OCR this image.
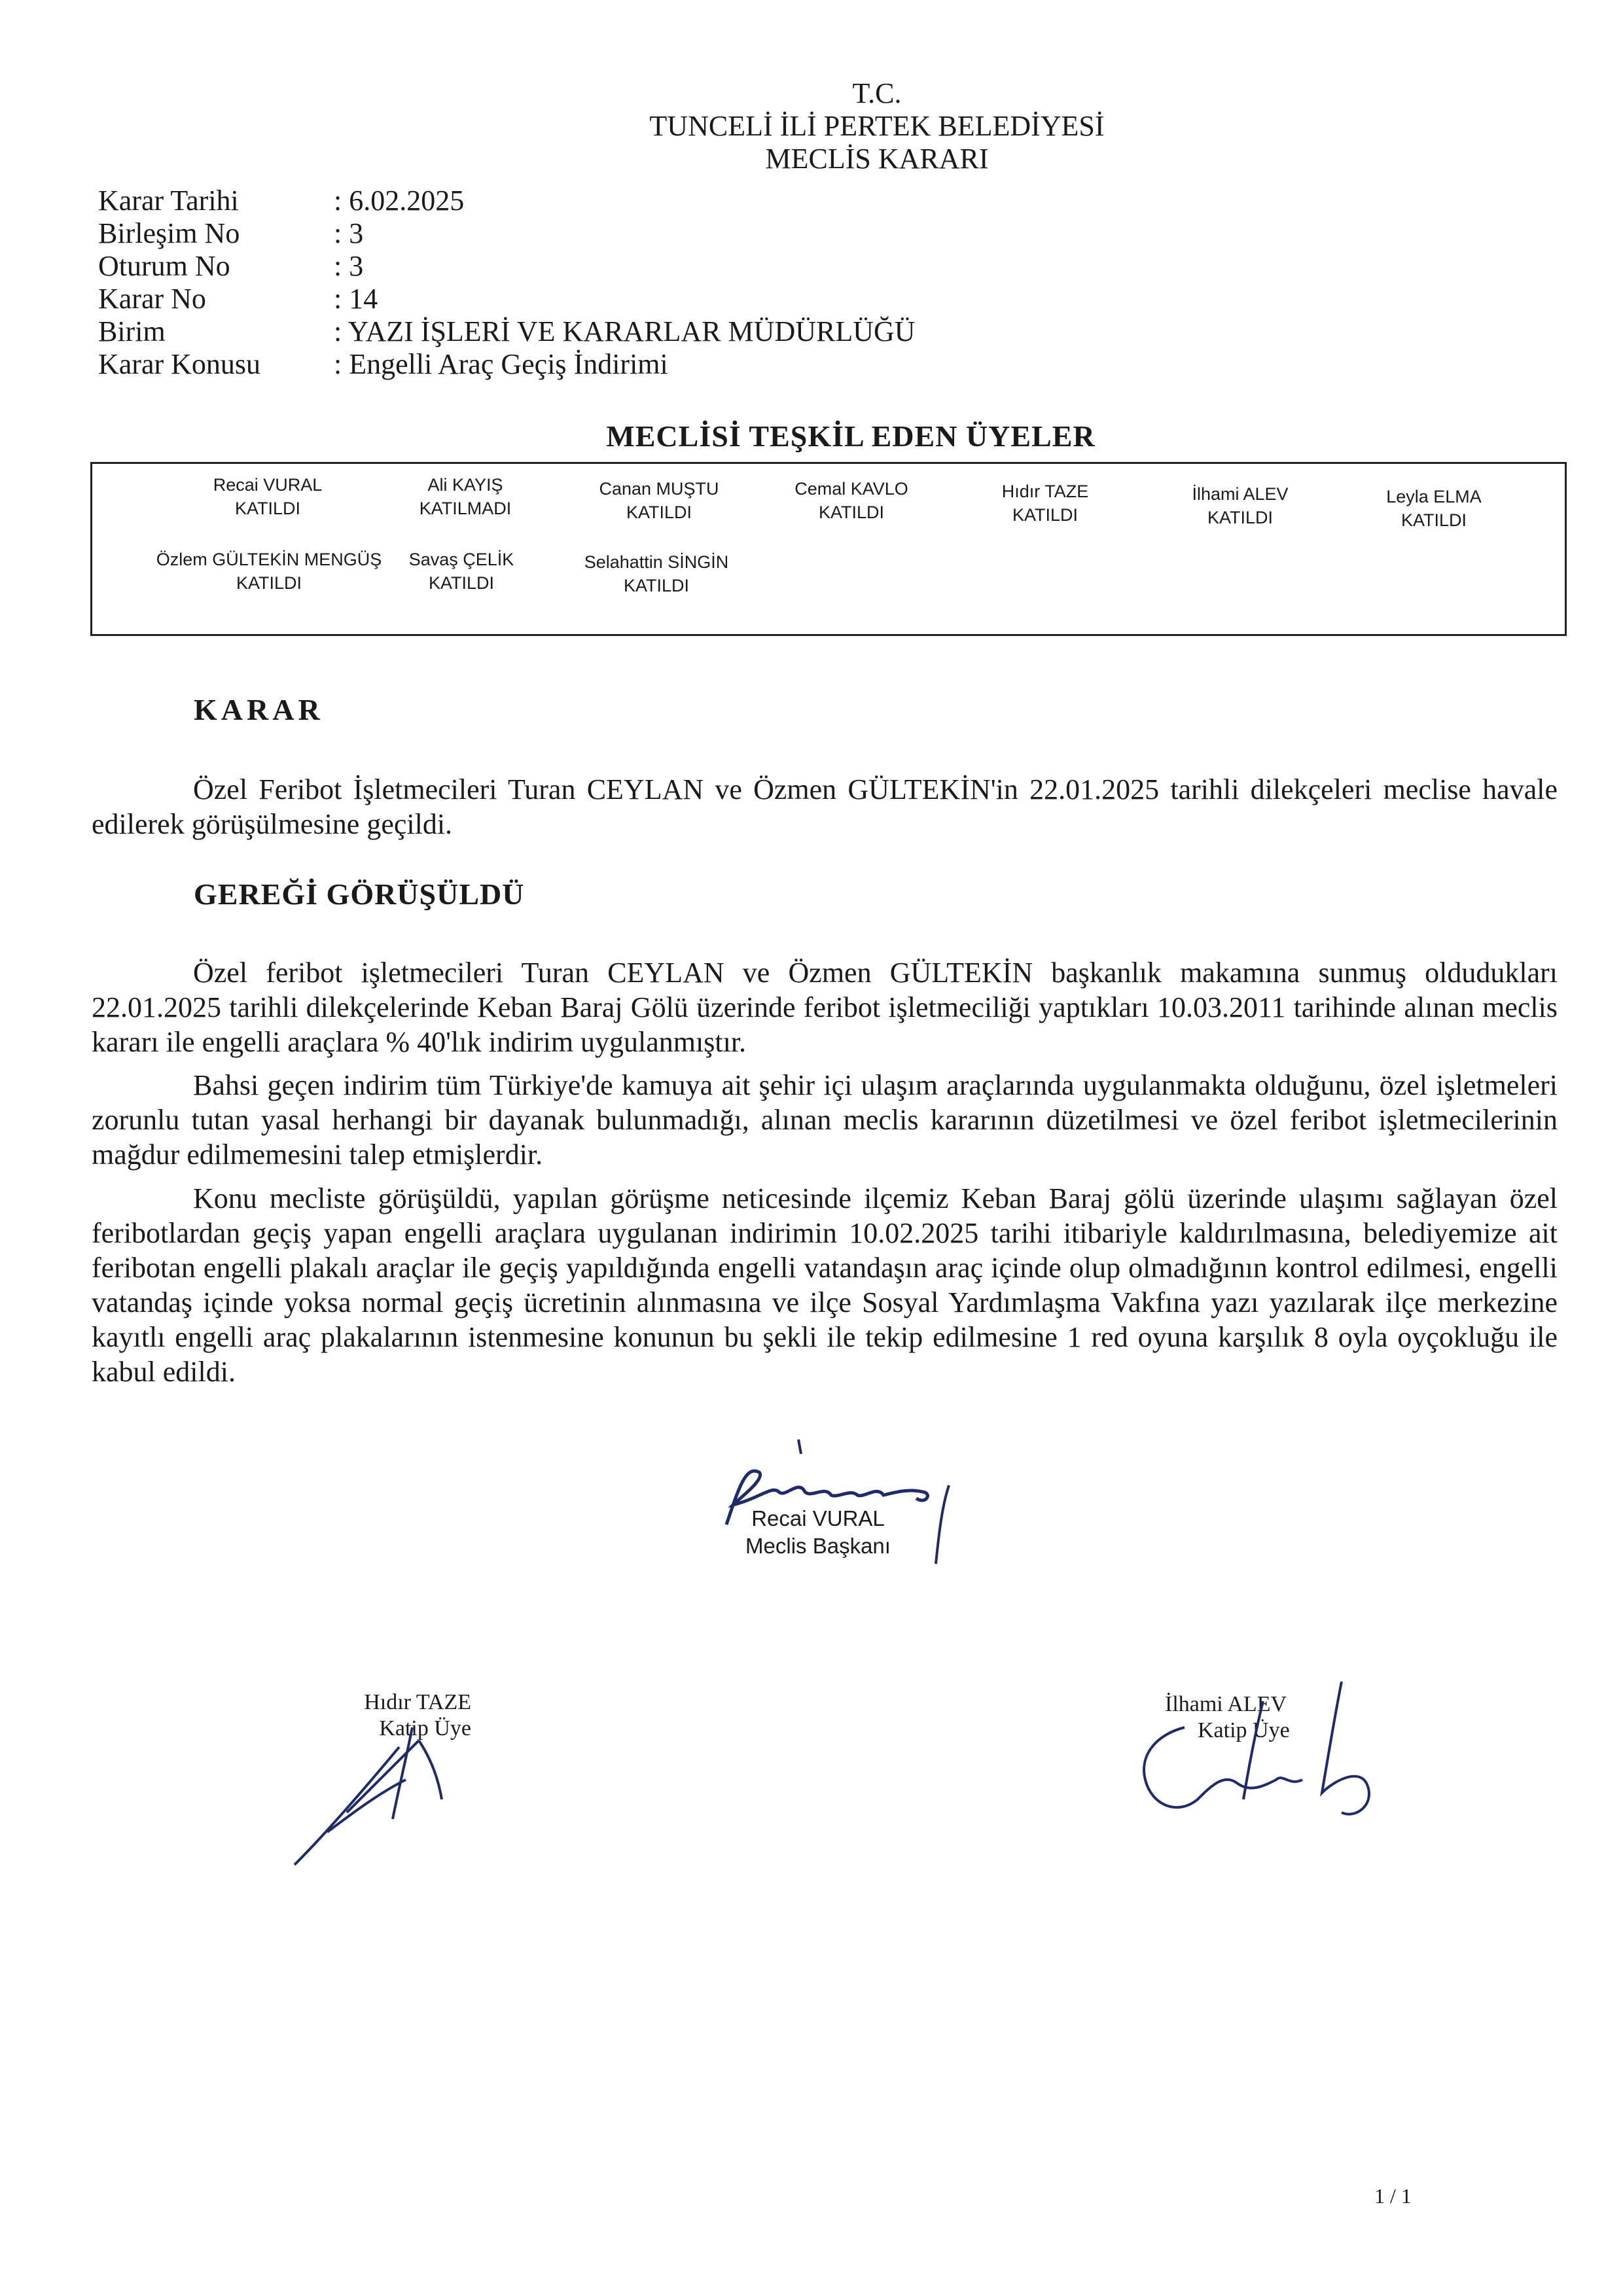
T.C.
TUNCELİ İLİ PERTEK BELEDİYESİ
MECLİS KARARI
Karar Tarihi	: 6.02.2025
Birleşim No	: 3
Oturum No	: 3
Karar No	: 14
Birim	: YAZI İŞLERİ VE KARARLAR MÜDÜRLÜĞÜ
Karar Konusu	: Engelli Araç Geçiş İndirimi
MECLİSİ TEŞKİL EDEN ÜYELER
Recai VURAL
KATILDI
Ali KAYIŞ
KATILMADI
Canan MUŞTU
KATILDI
Cemal KAVLO
KATILDI
Hıdır TAZE
KATILDI
İlhami ALEV
KATILDI
Leyla ELMA
KATILDI
Özlem GÜLTEKİN MENGÜŞ
KATILDI
Savaş ÇELİK
KATILDI
Selahattin SİNGİN
KATILDI
KARAR
Özel Feribot İşletmecileri Turan CEYLAN ve Özmen GÜLTEKİN'in 22.01.2025 tarihli dilekçeleri meclise havale edilerek görüşülmesine geçildi.
GEREĞİ GÖRÜŞÜLDÜ
Özel feribot işletmecileri Turan CEYLAN ve Özmen GÜLTEKİN başkanlık makamına sunmuş oldudukları 22.01.2025 tarihli dilekçelerinde Keban Baraj Gölü üzerinde feribot işletmeciliği yaptıkları 10.03.2011 tarihinde alınan meclis kararı ile engelli araçlara % 40'lık indirim uygulanmıştır.
Bahsi geçen indirim tüm Türkiye'de kamuya ait şehir içi ulaşım araçlarında uygulanmakta olduğunu, özel işletmeleri zorunlu tutan yasal herhangi bir dayanak bulunmadığı, alınan meclis kararının düzetilmesi ve özel feribot işletmecilerinin mağdur edilmemesini talep etmişlerdir.
Konu mecliste görüşüldü, yapılan görüşme neticesinde ilçemiz Keban Baraj gölü üzerinde ulaşımı sağlayan özel feribotlardan geçiş yapan engelli araçlara uygulanan indirimin 10.02.2025 tarihi itibariyle kaldırılmasına, belediyemize ait feribotan engelli plakalı araçlar ile geçiş yapıldığında engelli vatandaşın araç içinde olup olmadığının kontrol edilmesi, engelli vatandaş içinde yoksa normal geçiş ücretinin alınmasına ve ilçe Sosyal Yardımlaşma Vakfına yazı yazılarak ilçe merkezine kayıtlı engelli araç plakalarının istenmesine konunun bu şekli ile tekip edilmesine 1 red oyuna karşılık 8 oyla oyçokluğu ile kabul edildi.
Recai VURAL
Meclis Başkanı
Hıdır TAZE
Katip Üye
İlhami ALEV
Katip Üye
1 / 1
